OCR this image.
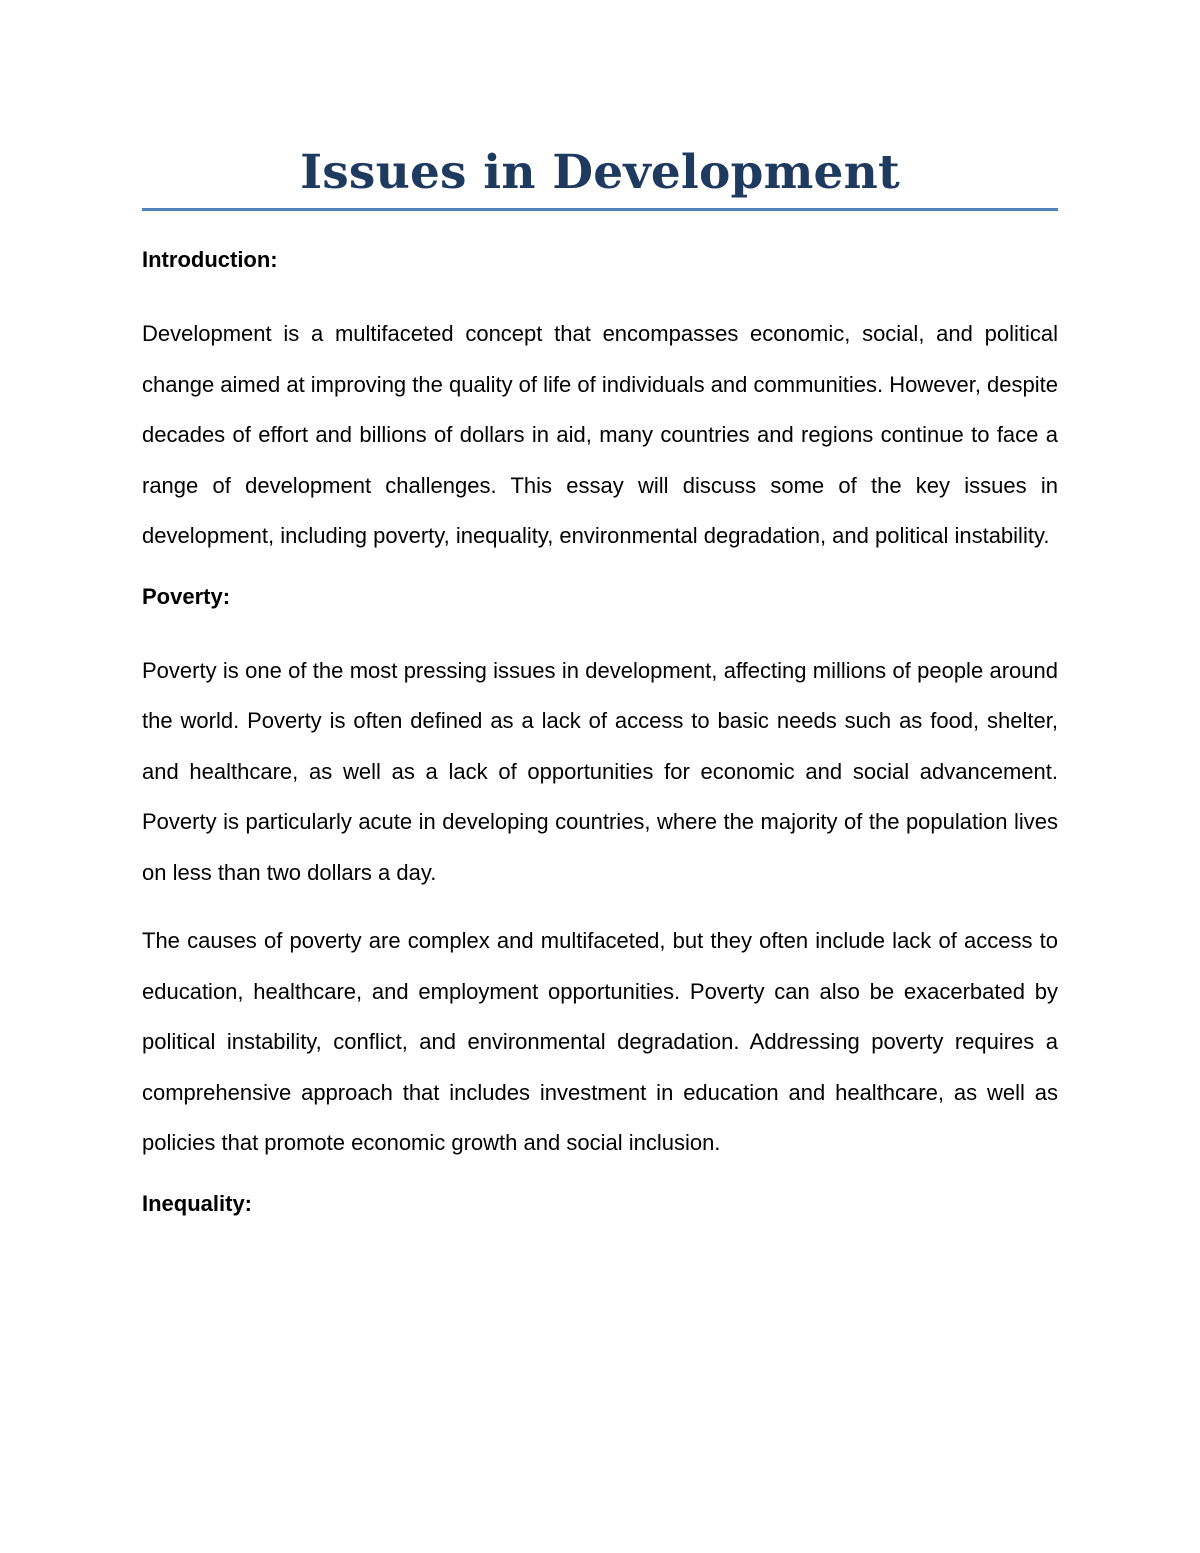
Issues in Development
Introduction:

Development is a multifaceted concept that encompasses economic, social, and political change aimed at improving the quality of life of individuals and communities. However, despite decades of effort and billions of dollars in aid, many countries and regions continue to face a range of development challenges. This essay will discuss some of the key issues in development, including poverty, inequality, environmental degradation, and political instability.

Poverty:

Poverty is one of the most pressing issues in development, affecting millions of people around the world. Poverty is often defined as a lack of access to basic needs such as food, shelter, and healthcare, as well as a lack of opportunities for economic and social advancement. Poverty is particularly acute in developing countries, where the majority of the population lives on less than two dollars a day.

The causes of poverty are complex and multifaceted, but they often include lack of access to education, healthcare, and employment opportunities. Poverty can also be exacerbated by political instability, conflict, and environmental degradation. Addressing poverty requires a comprehensive approach that includes investment in education and healthcare, as well as policies that promote economic growth and social inclusion.

Inequality:
